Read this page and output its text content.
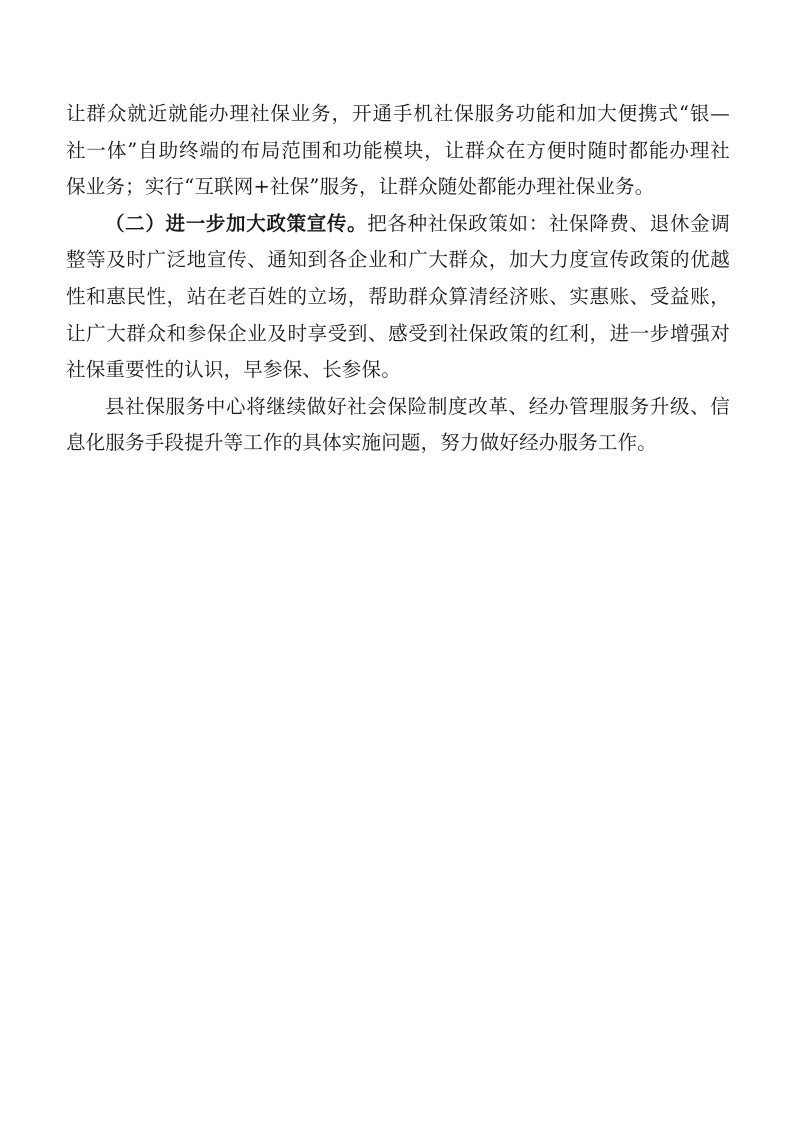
让群众就近就能办理社保业务，开通手机社保服务功能和加大便携式“银—
社一体”自助终端的布局范围和功能模块，让群众在方便时随时都能办理社
保业务；实行“互联网+社保”服务，让群众随处都能办理社保业务。
（二）进一步加大政策宣传。把各种社保政策如：社保降费、退休金调
整等及时广泛地宣传、通知到各企业和广大群众，加大力度宣传政策的优越
性和惠民性，站在老百姓的立场，帮助群众算清经济账、实惠账、受益账，
让广大群众和参保企业及时享受到、感受到社保政策的红利，进一步增强对
社保重要性的认识，早参保、长参保。
县社保服务中心将继续做好社会保险制度改革、经办管理服务升级、信
息化服务手段提升等工作的具体实施问题，努力做好经办服务工作。
